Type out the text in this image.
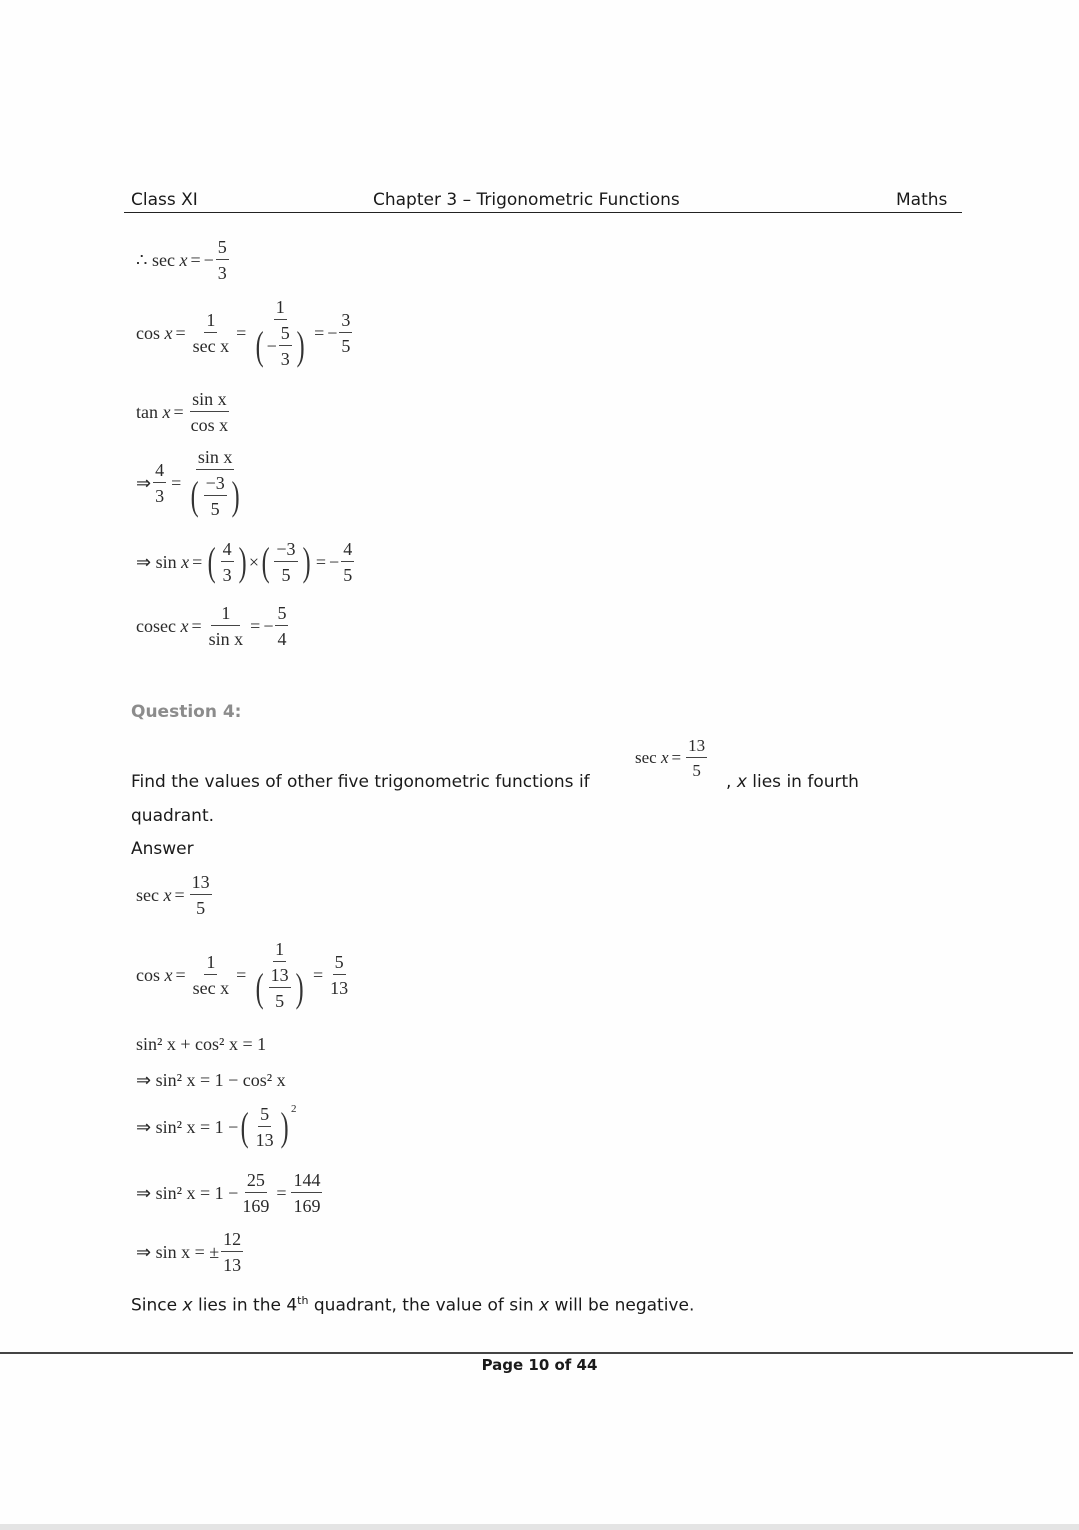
Class XI	Chapter 3 – Trigonometric Functions	Maths
∴ sec
x = − $\frac{5}{3}$
cos
$x = \frac{1}{\text{sec x}} = \frac{1}{( - \frac{5}{3} )}$ = − $\frac{3}{5}$
tan
$x = \frac{\text{sin x}}{\text{cos x}}$
⇒ $\frac{4}{3} = \frac{\text{sin x}}{( \frac{-3}{5} )}$
⇒
sin
x = ( $\frac{4}{3}$ ) × ( $\frac{-3}{5}$ ) = − $\frac{4}{5}$
cosec
$x = \frac{1}{\text{sin x}}$ = − $\frac{5}{4}$
Question 4:
Find the values of other five trigonometric functions if
sec
$x = \frac{13}{5}$
, x lies in fourth
quadrant.
Answer
sec
$x = \frac{13}{5}$
cos
$x = \frac{1}{\text{sec x}} = \frac{1}{( \frac{13}{5} )} = \frac{5}{13}$
sin² x + cos² x = 1
⇒ sin² x = 1 − cos² x
⇒
sin² x = 1 − ( $\frac{5}{13} )^2$
⇒
sin² $x = 1 - \frac{25}{169} = \frac{144}{169}$
⇒
sin x = ± $\frac{12}{13}$
Since x lies in the 4th quadrant, the value of sin x will be negative.
Page 10 of 44
